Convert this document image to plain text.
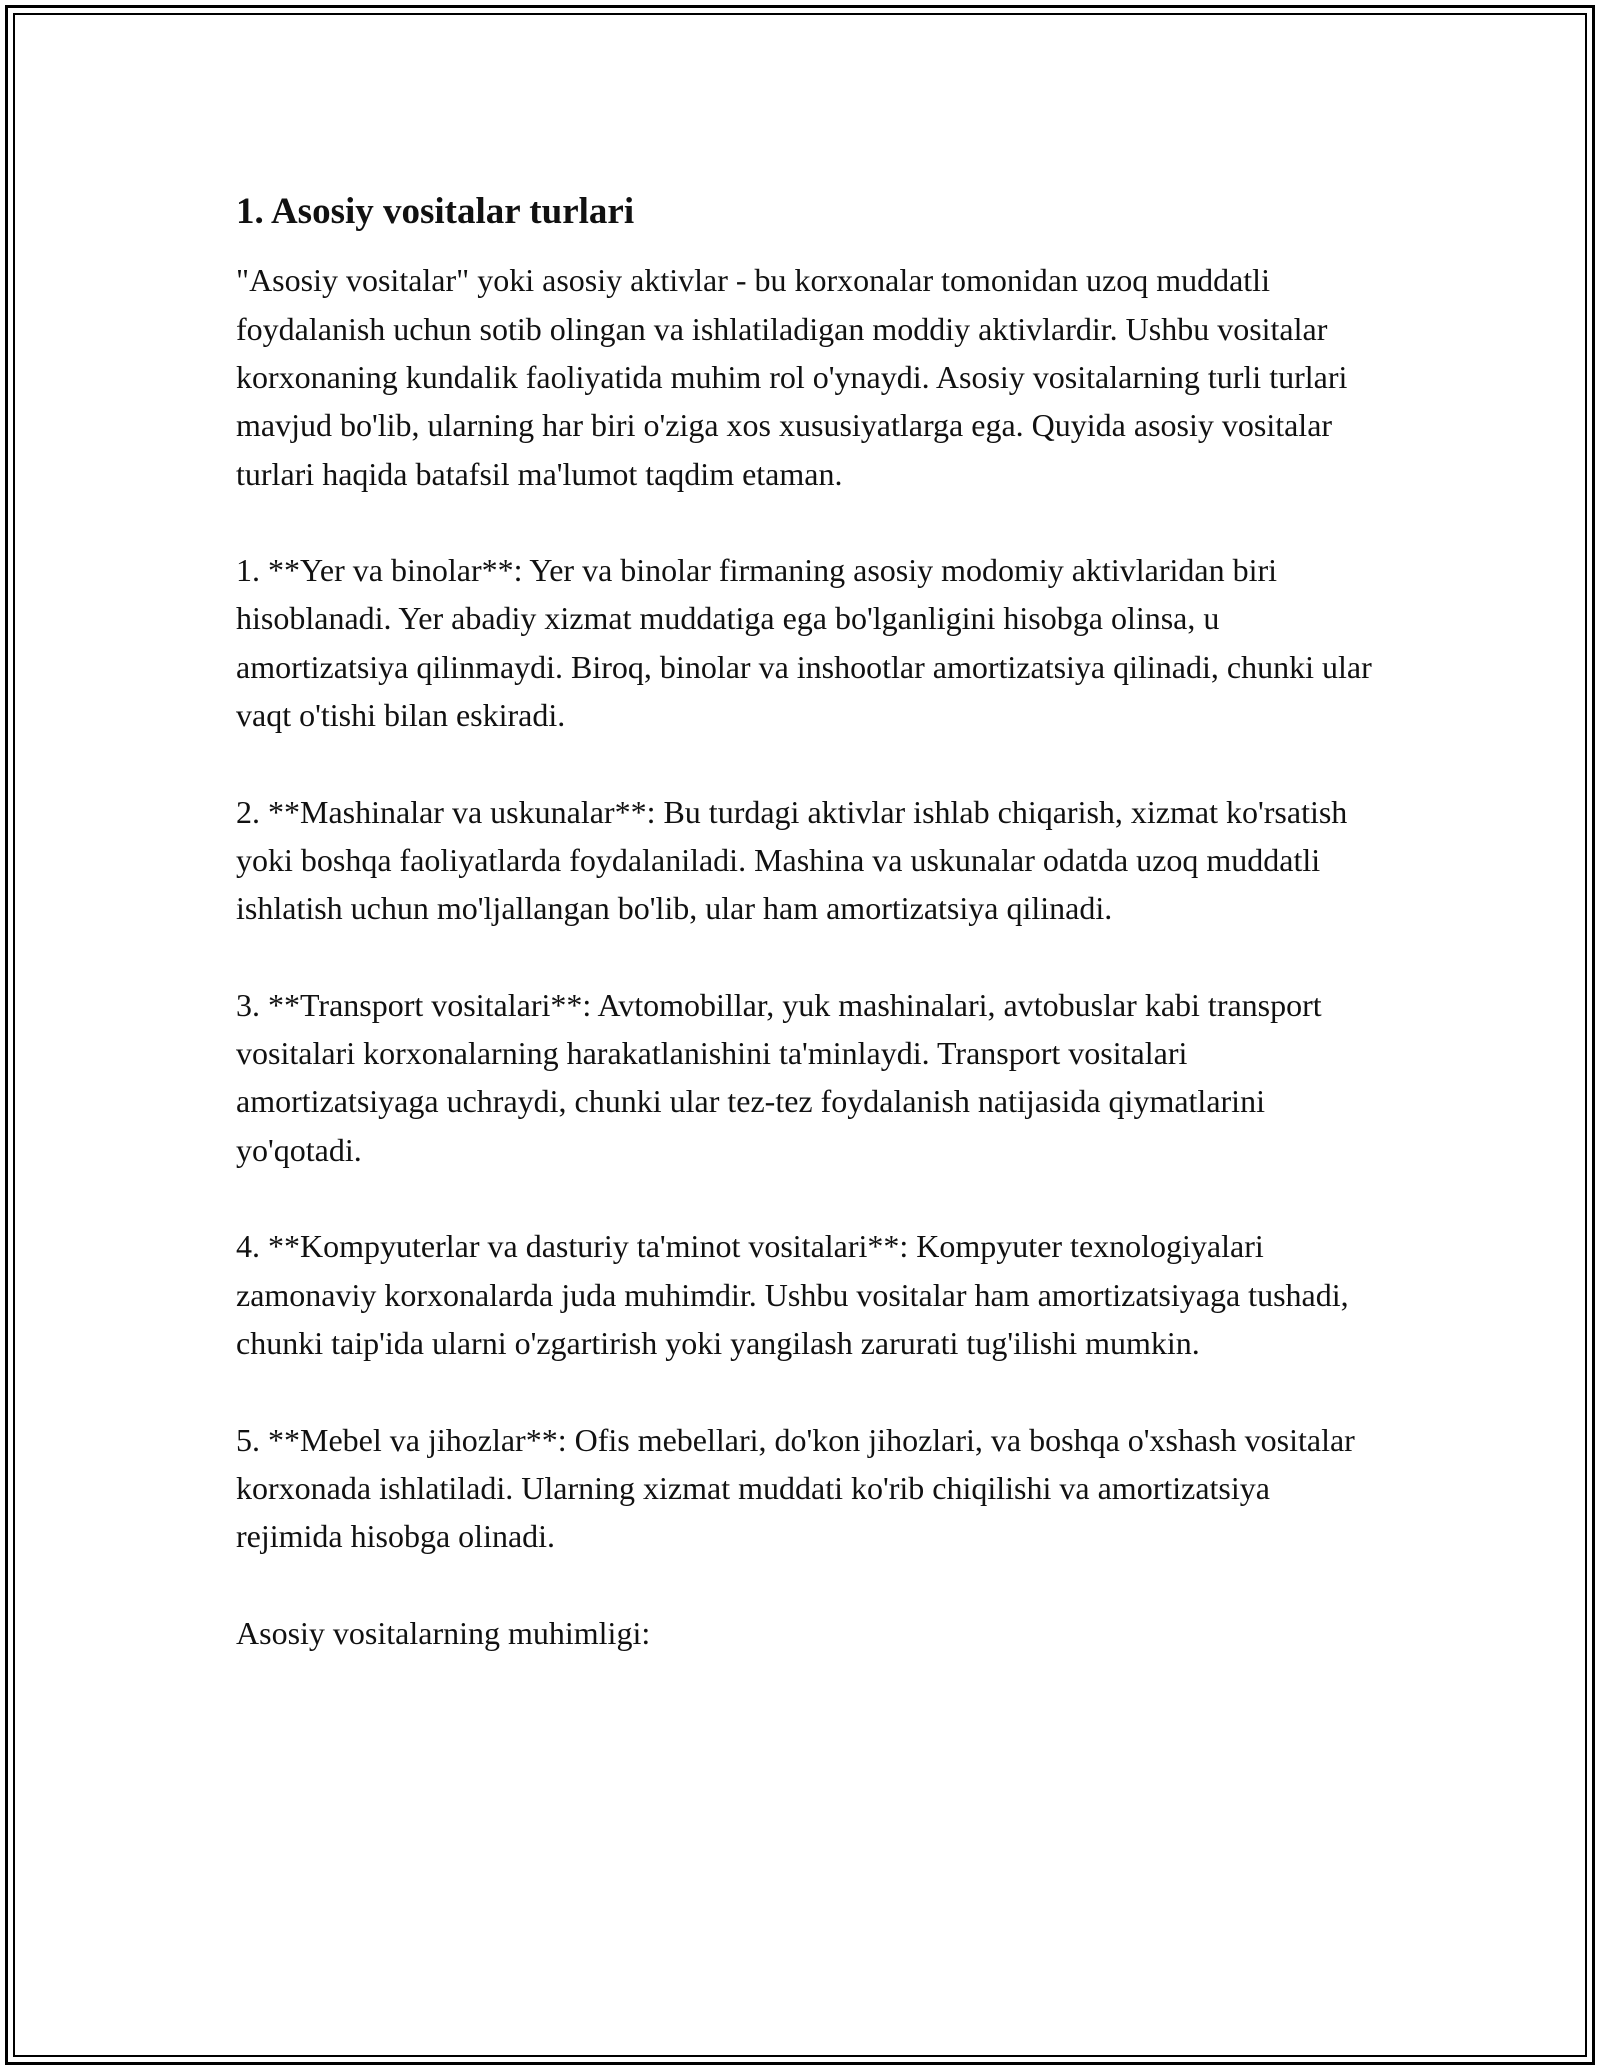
1. Asosiy vositalar turlari

"Asosiy vositalar" yoki asosiy aktivlar - bu korxonalar tomonidan uzoq muddatli foydalanish uchun sotib olingan va ishlatiladigan moddiy aktivlardir. Ushbu vositalar korxonaning kundalik faoliyatida muhim rol o'ynaydi. Asosiy vositalarning turli turlari mavjud bo'lib, ularning har biri o'ziga xos xususiyatlarga ega. Quyida asosiy vositalar turlari haqida batafsil ma'lumot taqdim etaman.

1. **Yer va binolar**: Yer va binolar firmaning asosiy modomiy aktivlaridan biri hisoblanadi. Yer abadiy xizmat muddatiga ega bo'lganligini hisobga olinsa, u amortizatsiya qilinmaydi. Biroq, binolar va inshootlar amortizatsiya qilinadi, chunki ular vaqt o'tishi bilan eskiradi.

2. **Mashinalar va uskunalar**: Bu turdagi aktivlar ishlab chiqarish, xizmat ko'rsatish yoki boshqa faoliyatlarda foydalaniladi. Mashina va uskunalar odatda uzoq muddatli ishlatish uchun mo'ljallangan bo'lib, ular ham amortizatsiya qilinadi.

3. **Transport vositalari**: Avtomobillar, yuk mashinalari, avtobuslar kabi transport vositalari korxonalarning harakatlanishini ta'minlaydi. Transport vositalari amortizatsiyaga uchraydi, chunki ular tez-tez foydalanish natijasida qiymatlarini yo'qotadi.

4. **Kompyuterlar va dasturiy ta'minot vositalari**: Kompyuter texnologiyalari zamonaviy korxonalarda juda muhimdir. Ushbu vositalar ham amortizatsiyaga tushadi, chunki taip'ida ularni o'zgartirish yoki yangilash zarurati tug'ilishi mumkin.

5. **Mebel va jihozlar**: Ofis mebellari, do'kon jihozlari, va boshqa o'xshash vositalar korxonada ishlatiladi. Ularning xizmat muddati ko'rib chiqilishi va amortizatsiya rejimida hisobga olinadi.

Asosiy vositalarning muhimligi:
